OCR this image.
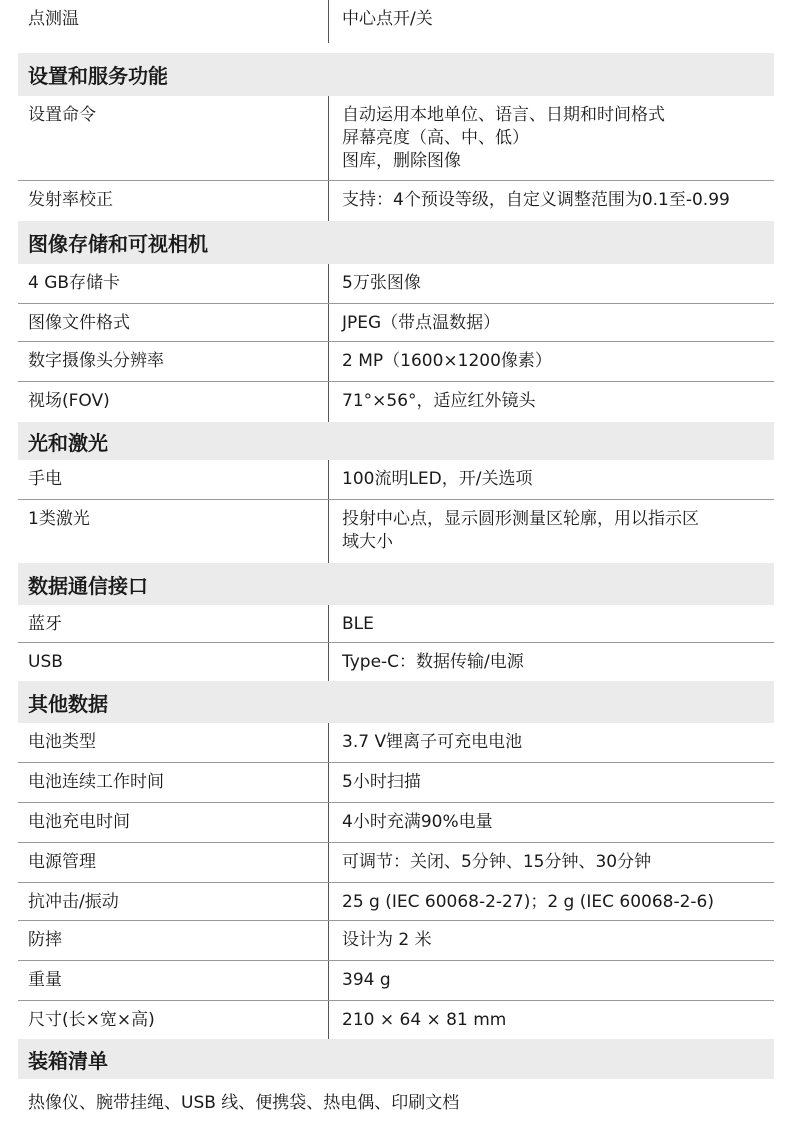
点测温	中心点开/关
设置和服务功能
设置命令	自动运用本地单位、语言、日期和时间格式
屏幕亮度（高、中、低）
图库，删除图像
发射率校正	支持：4个预设等级，自定义调整范围为0.1至-0.99
图像存储和可视相机
4 GB存储卡	5万张图像
图像文件格式	JPEG（带点温数据）
数字摄像头分辨率	2 MP（1600×1200像素）
视场(FOV)	71°×56°，适应红外镜头
光和激光
手电	100流明LED，开/关选项
1类激光	投射中心点，显示圆形测量区轮廓，用以指示区
域大小
数据通信接口
蓝牙	BLE
USB	Type-C：数据传输/电源
其他数据
电池类型	3.7 V锂离子可充电电池
电池连续工作时间	5小时扫描
电池充电时间	4小时充满90%电量
电源管理	可调节：关闭、5分钟、15分钟、30分钟
抗冲击/振动	25 g (IEC 60068-2-27)；2 g (IEC 60068-2-6)
防摔	设计为 2 米
重量	394 g
尺寸(长×宽×高)	210 × 64 × 81 mm
装箱清单
热像仪、腕带挂绳、USB 线、便携袋、热电偶、印刷文档
